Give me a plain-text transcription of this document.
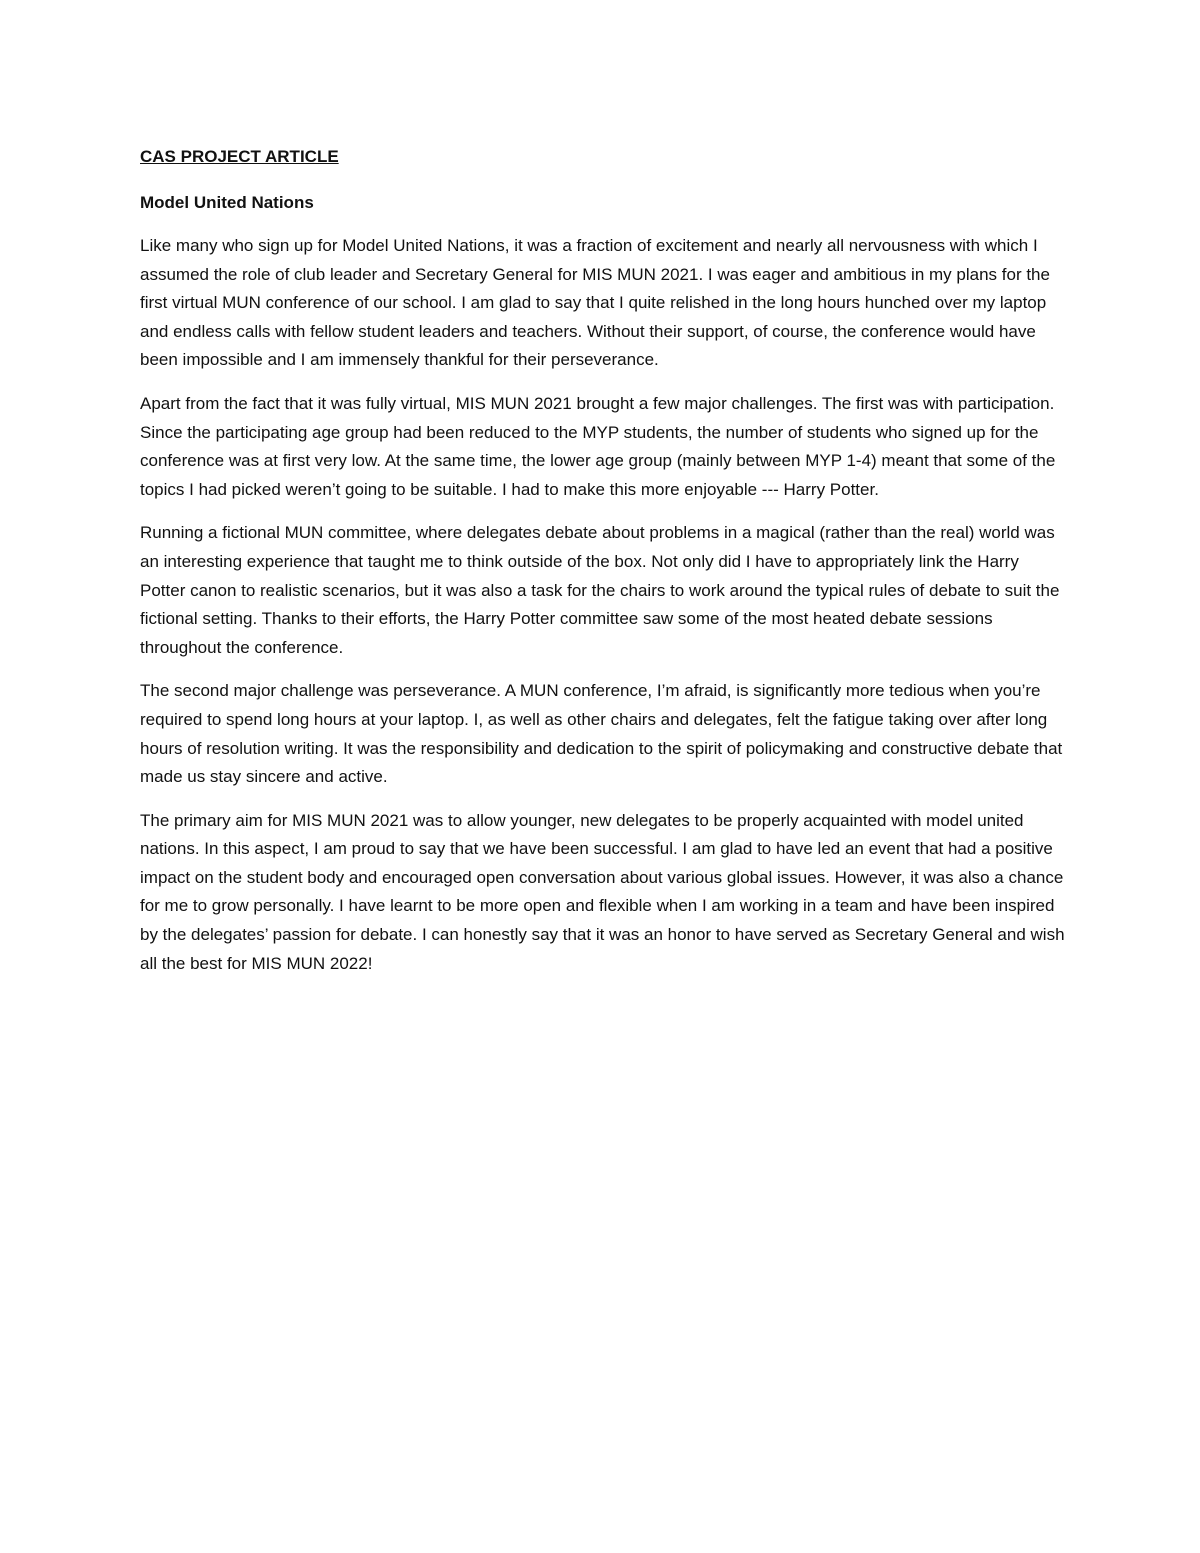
CAS PROJECT ARTICLE
Model United Nations

Like many who sign up for Model United Nations, it was a fraction of excitement and nearly all nervousness with which I assumed the role of club leader and Secretary General for MIS MUN 2021. I was eager and ambitious in my plans for the first virtual MUN conference of our school. I am glad to say that I quite relished in the long hours hunched over my laptop and endless calls with fellow student leaders and teachers. Without their support, of course, the conference would have been impossible and I am immensely thankful for their perseverance.

Apart from the fact that it was fully virtual, MIS MUN 2021 brought a few major challenges. The first was with participation. Since the participating age group had been reduced to the MYP students, the number of students who signed up for the conference was at first very low. At the same time, the lower age group (mainly between MYP 1-4) meant that some of the topics I had picked weren’t going to be suitable. I had to make this more enjoyable --- Harry Potter.

Running a fictional MUN committee, where delegates debate about problems in a magical (rather than the real) world was an interesting experience that taught me to think outside of the box. Not only did I have to appropriately link the Harry Potter canon to realistic scenarios, but it was also a task for the chairs to work around the typical rules of debate to suit the fictional setting. Thanks to their efforts, the Harry Potter committee saw some of the most heated debate sessions throughout the conference.

The second major challenge was perseverance. A MUN conference, I’m afraid, is significantly more tedious when you’re required to spend long hours at your laptop. I, as well as other chairs and delegates, felt the fatigue taking over after long hours of resolution writing. It was the responsibility and dedication to the spirit of policymaking and constructive debate that made us stay sincere and active.

The primary aim for MIS MUN 2021 was to allow younger, new delegates to be properly acquainted with model united nations. In this aspect, I am proud to say that we have been successful. I am glad to have led an event that had a positive impact on the student body and encouraged open conversation about various global issues. However, it was also a chance for me to grow personally. I have learnt to be more open and flexible when I am working in a team and have been inspired by the delegates’ passion for debate. I can honestly say that it was an honor to have served as Secretary General and wish all the best for MIS MUN 2022!
